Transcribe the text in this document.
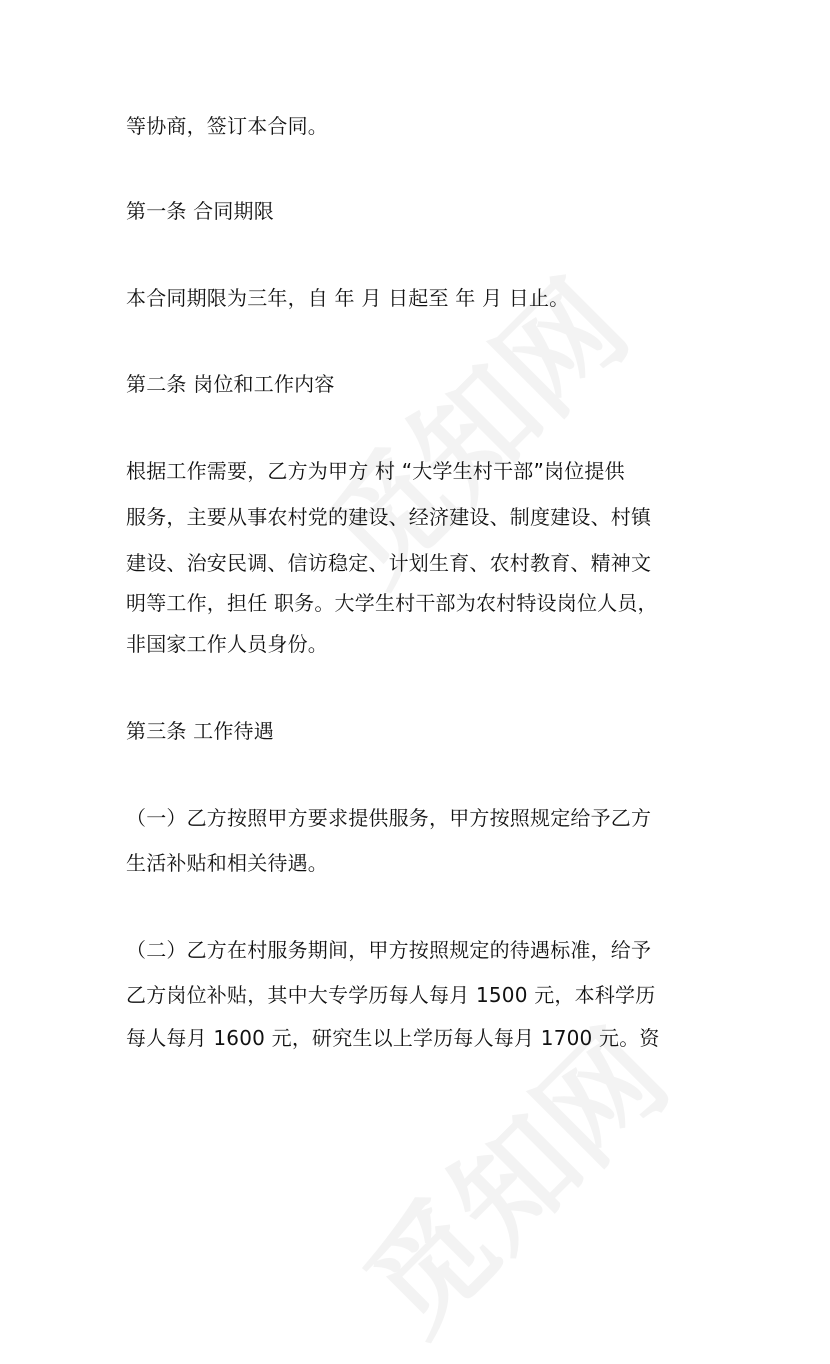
等协商，签订本合同。
第一条 合同期限
本合同期限为三年，自 年 月 日起至 年 月 日止。
第二条 岗位和工作内容
根据工作需要，乙方为甲方 村 “大学生村干部”岗位提供
服务，主要从事农村党的建设、经济建设、制度建设、村镇
建设、治安民调、信访稳定、计划生育、农村教育、精神文
明等工作，担任 职务。大学生村干部为农村特设岗位人员，
非国家工作人员身份。
第三条 工作待遇
（一）乙方按照甲方要求提供服务，甲方按照规定给予乙方
生活补贴和相关待遇。
（二）乙方在村服务期间，甲方按照规定的待遇标准，给予
乙方岗位补贴，其中大专学历每人每月 1500 元，本科学历
每人每月 1600 元，研究生以上学历每人每月 1700 元。资
